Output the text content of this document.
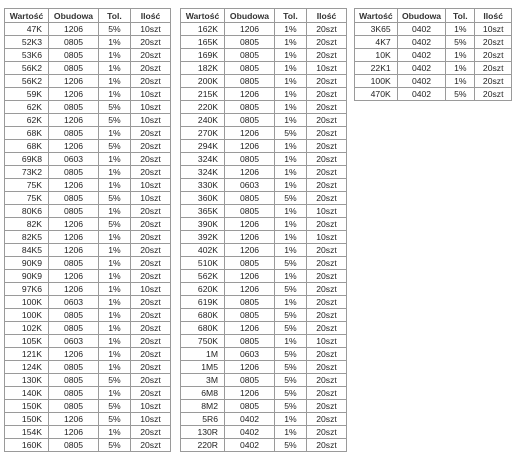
Wartość	Obudowa	Tol.	Ilość
47K	1206	5%	10szt
52K3	0805	1%	20szt
53K6	0805	1%	20szt
56K2	0805	1%	20szt
56K2	1206	1%	20szt
59K	1206	1%	10szt
62K	0805	5%	10szt
62K	1206	5%	10szt
68K	0805	1%	20szt
68K	1206	5%	20szt
69K8	0603	1%	20szt
73K2	0805	1%	20szt
75K	1206	1%	10szt
75K	0805	5%	10szt
80K6	0805	1%	20szt
82K	1206	5%	20szt
82K5	1206	1%	20szt
84K5	1206	1%	20szt
90K9	0805	1%	20szt
90K9	1206	1%	20szt
97K6	1206	1%	10szt
100K	0603	1%	20szt
100K	0805	1%	20szt
102K	0805	1%	20szt
105K	0603	1%	20szt
121K	1206	1%	20szt
124K	0805	1%	20szt
130K	0805	5%	20szt
140K	0805	1%	20szt
150K	0805	5%	10szt
150K	1206	5%	10szt
154K	1206	1%	20szt
160K	0805	5%	20szt
Wartość	Obudowa	Tol.	Ilość
162K	1206	1%	20szt
165K	0805	1%	20szt
169K	0805	1%	20szt
182K	0805	1%	10szt
200K	0805	1%	20szt
215K	1206	1%	20szt
220K	0805	1%	20szt
240K	0805	1%	20szt
270K	1206	5%	20szt
294K	1206	1%	20szt
324K	0805	1%	20szt
324K	1206	1%	20szt
330K	0603	1%	20szt
360K	0805	5%	20szt
365K	0805	1%	10szt
390K	1206	1%	20szt
392K	1206	1%	10szt
402K	1206	1%	20szt
510K	0805	5%	20szt
562K	1206	1%	20szt
620K	1206	5%	20szt
619K	0805	1%	20szt
680K	0805	5%	20szt
680K	1206	5%	20szt
750K	0805	1%	10szt
1M	0603	5%	20szt
1M5	1206	5%	20szt
3M	0805	5%	20szt
6M8	1206	5%	20szt
8M2	0805	5%	20szt
5R6	0402	1%	20szt
130R	0402	1%	20szt
220R	0402	5%	20szt
Wartość	Obudowa	Tol.	Ilość
3K65	0402	1%	10szt
4K7	0402	5%	20szt
10K	0402	1%	20szt
22K1	0402	1%	20szt
100K	0402	1%	20szt
470K	0402	5%	20szt
